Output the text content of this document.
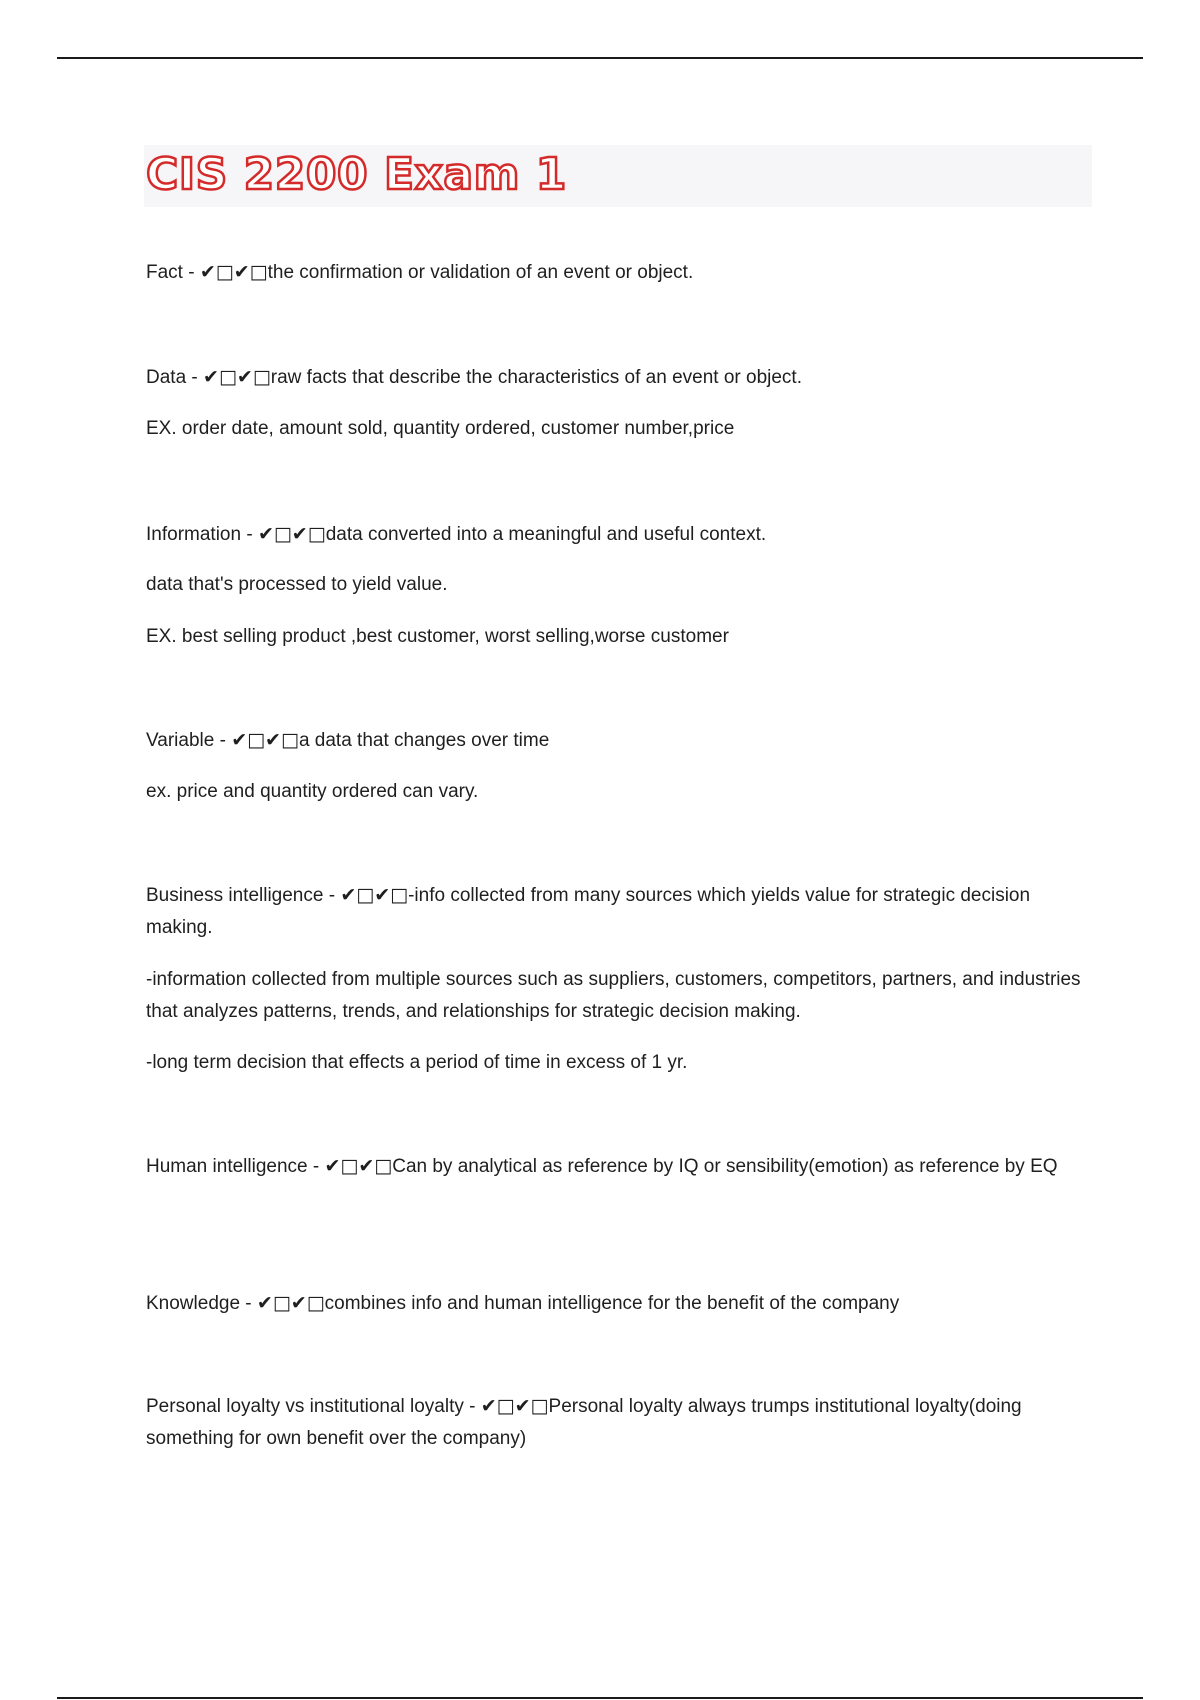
CIS 2200 Exam 1

Fact - ✔□✔□the confirmation or validation of an event or object.

Data - ✔□✔□raw facts that describe the characteristics of an event or object.

EX. order date, amount sold, quantity ordered, customer number,price

Information - ✔□✔□data converted into a meaningful and useful context.

data that's processed to yield value.

EX. best selling product ,best customer, worst selling,worse customer

Variable - ✔□✔□a data that changes over time

ex. price and quantity ordered can vary.

Business intelligence - ✔□✔□-info collected from many sources which yields value for strategic decision making.

-information collected from multiple sources such as suppliers, customers, competitors, partners, and industries that analyzes patterns, trends, and relationships for strategic decision making.

-long term decision that effects a period of time in excess of 1 yr.

Human intelligence - ✔□✔□Can by analytical as reference by IQ or sensibility(emotion) as reference by EQ

Knowledge - ✔□✔□combines info and human intelligence for the benefit of the company

Personal loyalty vs institutional loyalty - ✔□✔□Personal loyalty always trumps institutional loyalty(doing something for own benefit over the company)
